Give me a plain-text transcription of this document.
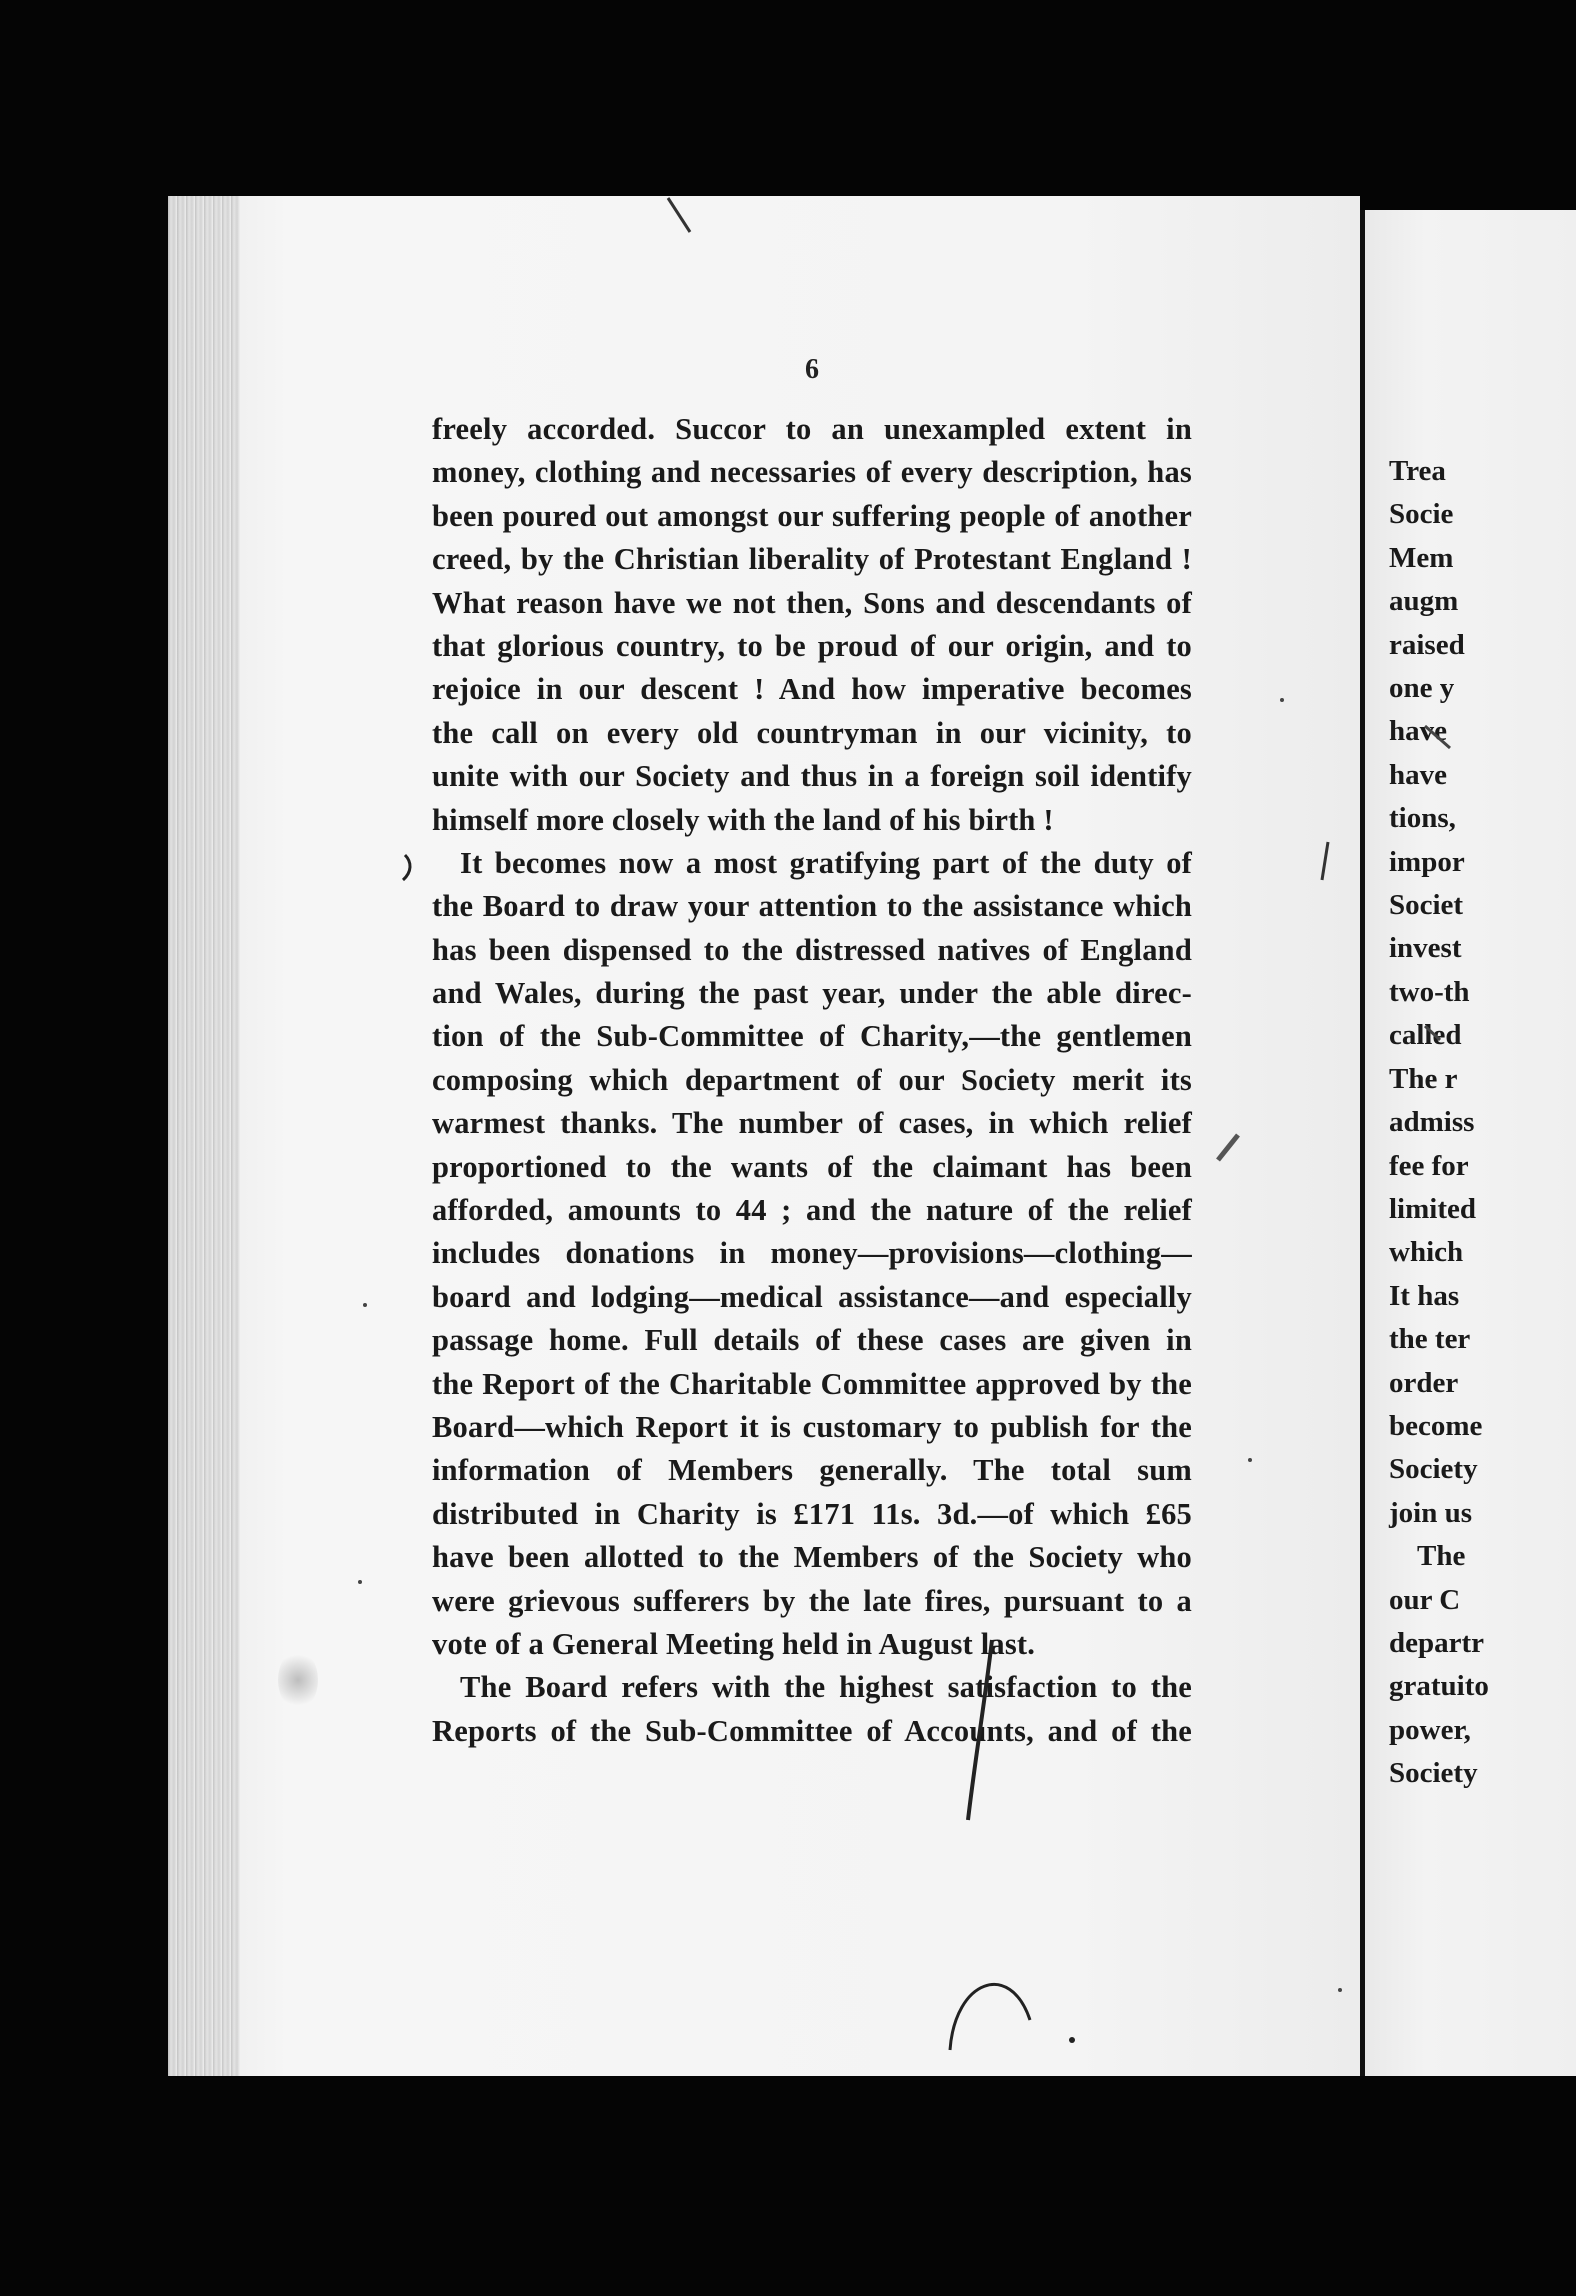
6
freely accorded. Succor to an unexampled extent in
money, clothing and necessaries of every description, has
been poured out amongst our suffering people of another
creed, by the Christian liberality of Protestant England !
What reason have we not then, Sons and descendants of
that glorious country, to be proud of our origin, and to
rejoice in our descent ! And how imperative becomes
the call on every old countryman in our vicinity, to
unite with our Society and thus in a foreign soil identify
himself more closely with the land of his birth !
It becomes now a most gratifying part of the duty of
the Board to draw your attention to the assistance which
has been dispensed to the distressed natives of England
and Wales, during the past year, under the able direc-
tion of the Sub-Committee of Charity,—the gentlemen
composing which department of our Society merit its
warmest thanks. The number of cases, in which relief
proportioned to the wants of the claimant has been
afforded, amounts to 44 ; and the nature of the relief
includes donations in money—provisions—clothing—
board and lodging—medical assistance—and especially
passage home. Full details of these cases are given in
the Report of the Charitable Committee approved by the
Board—which Report it is customary to publish for the
information of Members generally. The total sum
distributed in Charity is £171 11s. 3d.—of which £65
have been allotted to the Members of the Society who
were grievous sufferers by the late fires, pursuant to a
vote of a General Meeting held in August last.
The Board refers with the highest satisfaction to the
Reports of the Sub-Committee of Accounts, and of the
Trea
Socie
Mem
augm
raised
one y
have
have
tions,
impor
Societ
invest
two-th
called
The r
admiss
fee for
limited
which
It has
the ter
order
become
Society
join us
The
our C
departr
gratuito
power,
Society
